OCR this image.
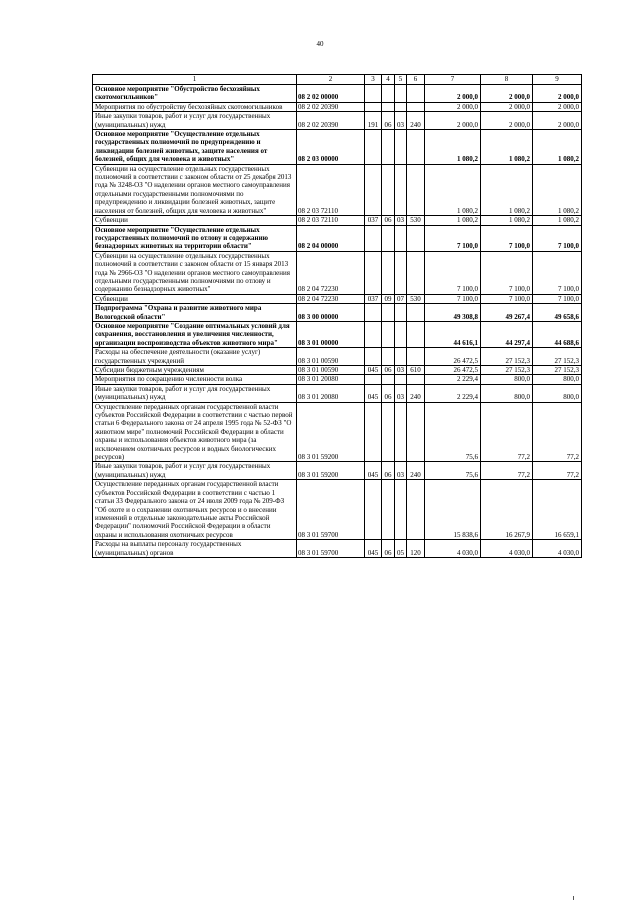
40
1	2	3	4	5	6	7	8	9
Основное мероприятие "Обустройство бесхозяйных скотомогильников"	08 2 02 00000					2 000,0	2 000,0	2 000,0
Мероприятия по обустройству бесхозяйных скотомогильников	08 2 02 20390					2 000,0	2 000,0	2 000,0
Иные закупки товаров, работ и услуг для государственных (муниципальных) нужд	08 2 02 20390	191	06	03	240	2 000,0	2 000,0	2 000,0
Основное мероприятие "Осуществление отдельных государственных полномочий по предупреждению и ликвидации болезней животных, защите населения от болезней, общих для человека и животных"	08 2 03 00000					1 080,2	1 080,2	1 080,2
Субвенции на осуществление отдельных государственных полномочий в соответствии с законом области от 25 декабря 2013 года № 3248-ОЗ "О наделении органов местного самоуправления отдельными государственными полномочиями по предупреждению и ликвидации болезней животных, защите населения от болезней, общих для человека и животных"	08 2 03 72110					1 080,2	1 080,2	1 080,2
Субвенции	08 2 03 72110	037	06	03	530	1 080,2	1 080,2	1 080,2
Основное мероприятие "Осуществление отдельных государственных полномочий по отлову и содержанию безнадзорных животных на территории области"	08 2 04 00000					7 100,0	7 100,0	7 100,0
Субвенции на осуществление отдельных государственных полномочий в соответствии с законом области от 15 января 2013 года № 2966-ОЗ "О наделении органов местного самоуправления отдельными государственными полномочиями по отлову и содержанию безнадзорных животных"	08 2 04 72230					7 100,0	7 100,0	7 100,0
Субвенции	08 2 04 72230	037	09	07	530	7 100,0	7 100,0	7 100,0
Подпрограмма "Охрана и развитие животного мира Вологодской области"	08 3 00 00000					49 308,8	49 267,4	49 658,6
Основное мероприятие "Создание оптимальных условий для сохранения, восстановления и увеличения численности, организации воспроизводства объектов животного мира"	08 3 01 00000					44 616,1	44 297,4	44 688,6
Расходы на обеспечение деятельности (оказание услуг) государственных учреждений	08 3 01 00590					26 472,5	27 152,3	27 152,3
Субсидии бюджетным учреждениям	08 3 01 00590	045	06	03	610	26 472,5	27 152,3	27 152,3
Мероприятия по сокращению численности волка	08 3 01 20080					2 229,4	800,0	800,0
Иные закупки товаров, работ и услуг для государственных (муниципальных) нужд	08 3 01 20080	045	06	03	240	2 229,4	800,0	800,0
Осуществление переданных органам государственной власти субъектов Российской Федерации в соответствии с частью первой статьи 6 Федерального закона от 24 апреля 1995 года № 52-ФЗ "О животном мире" полномочий Российской Федерации в области охраны и использования объектов животного мира (за исключением охотничьих ресурсов и водных биологических ресурсов)	08 3 01 59200					75,6	77,2	77,2
Иные закупки товаров, работ и услуг для государственных (муниципальных) нужд	08 3 01 59200	045	06	03	240	75,6	77,2	77,2
Осуществление переданных органам государственной власти субъектов Российской Федерации в соответствии с частью 1 статьи 33 Федерального закона от 24 июля 2009 года № 209-ФЗ "Об охоте и о сохранении охотничьих ресурсов и о внесении изменений в отдельные законодательные акты Российской Федерации" полномочий Российской Федерации в области охраны и использования охотничьих ресурсов	08 3 01 59700					15 838,6	16 267,9	16 659,1
Расходы на выплаты персоналу государственных (муниципальных) органов	08 3 01 59700	045	06	05	120	4 030,0	4 030,0	4 030,0
